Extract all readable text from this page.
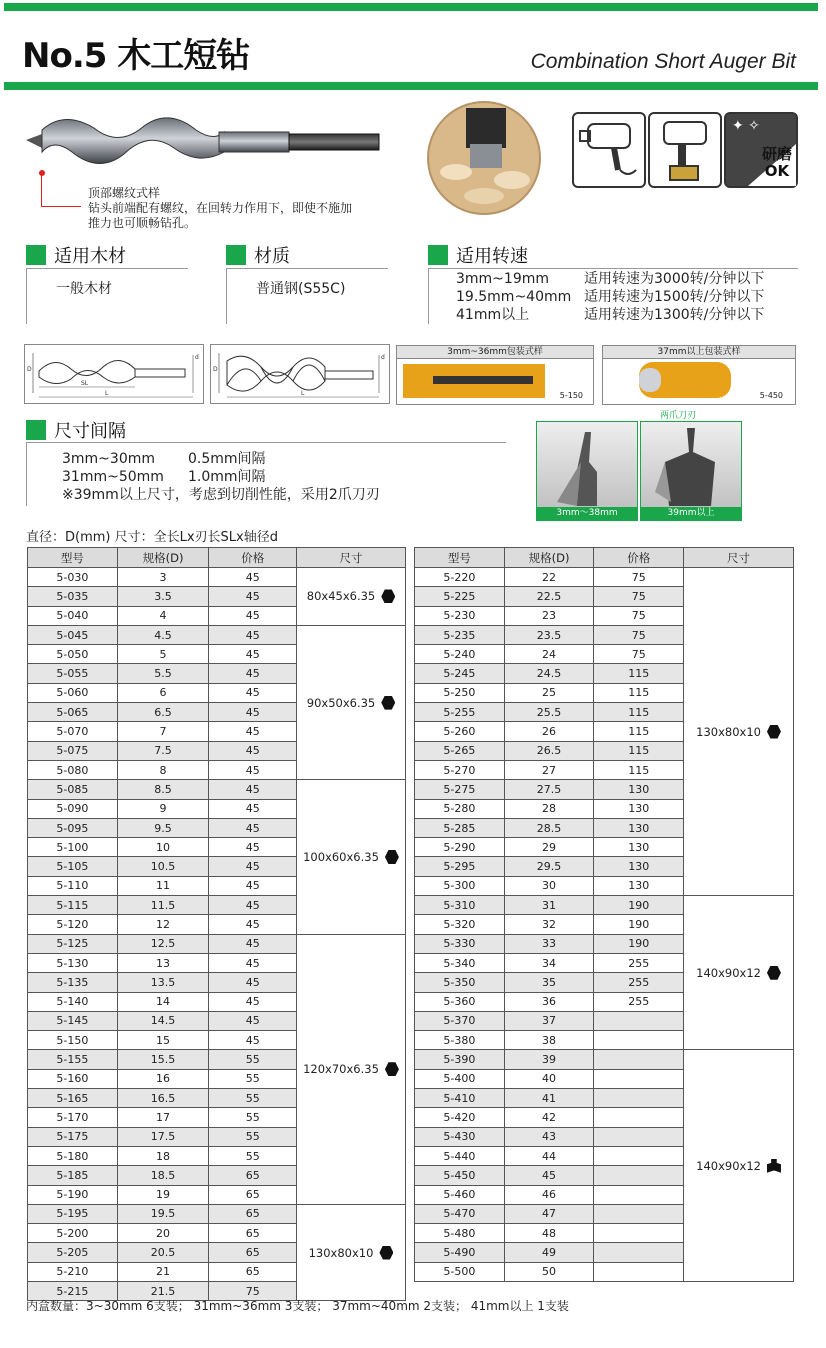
No.5 木工短钻	Combination Short Auger Bit
顶部螺纹式样
钻头前端配有螺纹，在回转力作用下，即使不施加
推力也可顺畅钻孔。
✦ ✧
研磨
OK
适用木材
一般木材
材质
普通钢(S55C)
适用转速
3mm~19mm 适用转速为3000转/分钟以下
19.5mm~40mm 适用转速为1500转/分钟以下
41mm以上	适用转速为1300转/分钟以下
D
SL
L
d
D
L
d
3mm~36mm包装式样
5-150
37mm以上包装式样
5-450
尺寸间隔
3mm~30mm 0.5mm间隔
31mm~50mm 1.0mm间隔
※39mm以上尺寸，考虑到切削性能，采用2爪刀刃
两爪刀刃
3mm～38mm	39mm以上
直径：D(mm) 尺寸：全长Lx刃长SLx轴径d
型号	规格(D)	价格	尺寸
5-030	3	45	80x45x6.35
5-035	3.5	45	
5-040	4	45	
5-045	4.5	45	90x50x6.35
5-050	5	45	
5-055	5.5	45	
5-060	6	45	
5-065	6.5	45	
5-070	7	45	
5-075	7.5	45	
5-080	8	45	
5-085	8.5	45	100x60x6.35
5-090	9	45	
5-095	9.5	45	
5-100	10	45	
5-105	10.5	45	
5-110	11	45	
5-115	11.5	45	
5-120	12	45	
5-125	12.5	45	120x70x6.35
5-130	13	45	
5-135	13.5	45	
5-140	14	45	
5-145	14.5	45	
5-150	15	45	
5-155	15.5	55	
5-160	16	55	
5-165	16.5	55	
5-170	17	55	
5-175	17.5	55	
5-180	18	55	
5-185	18.5	65	
5-190	19	65	
5-195	19.5	65	130x80x10
5-200	20	65	
5-205	20.5	65	
5-210	21	65	
5-215	21.5	75	
型号	规格(D)	价格	尺寸
5-220	22	75	130x80x10
5-225	22.5	75	
5-230	23	75	
5-235	23.5	75	
5-240	24	75	
5-245	24.5	115	
5-250	25	115	
5-255	25.5	115	
5-260	26	115	
5-265	26.5	115	
5-270	27	115	
5-275	27.5	130	
5-280	28	130	
5-285	28.5	130	
5-290	29	130	
5-295	29.5	130	
5-300	30	130	
5-310	31	190	140x90x12
5-320	32	190	
5-330	33	190	
5-340	34	255	
5-350	35	255	
5-360	36	255	
5-370	37		
5-380	38		
5-390	39		140x90x12
5-400	40		
5-410	41		
5-420	42		
5-430	43		
5-440	44		
5-450	45		
5-460	46		
5-470	47		
5-480	48		
5-490	49		
5-500	50		
内盒数量：3~30mm 6支装； 31mm~36mm 3支装； 37mm~40mm 2支装； 41mm以上 1支装
